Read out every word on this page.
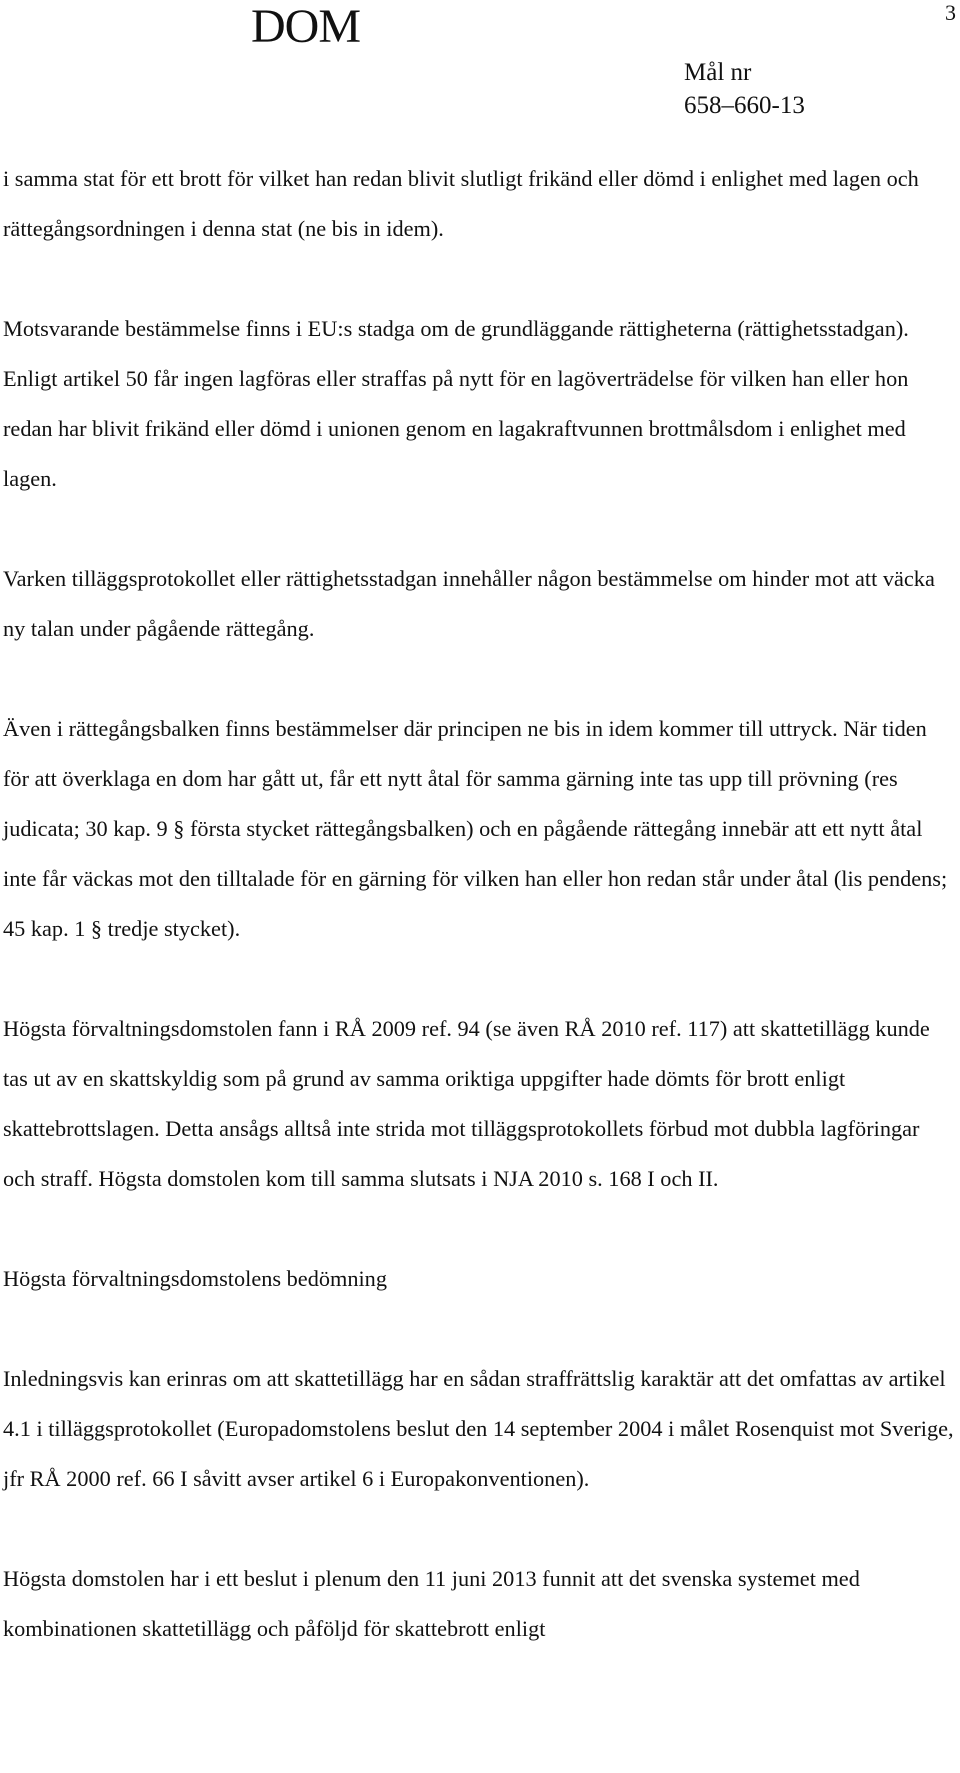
DOM	3
Mål nr
658–660-13

i samma stat för ett brott för vilket han redan blivit slutligt frikänd eller dömd i enlighet med lagen och rättegångsordningen i denna stat (ne bis in idem).

Motsvarande bestämmelse finns i EU:s stadga om de grundläggande rättigheterna (rättighetsstadgan). Enligt artikel 50 får ingen lagföras eller straffas på nytt för en lagöverträdelse för vilken han eller hon redan har blivit frikänd eller dömd i unionen genom en lagakraftvunnen brottmålsdom i enlighet med lagen.

Varken tilläggsprotokollet eller rättighetsstadgan innehåller någon bestämmelse om hinder mot att väcka ny talan under pågående rättegång.

Även i rättegångsbalken finns bestämmelser där principen ne bis in idem kommer till uttryck. När tiden för att överklaga en dom har gått ut, får ett nytt åtal för samma gärning inte tas upp till prövning (res judicata; 30 kap. 9 § första stycket rättegångsbalken) och en pågående rättegång innebär att ett nytt åtal inte får väckas mot den tilltalade för en gärning för vilken han eller hon redan står under åtal (lis pendens; 45 kap. 1 § tredje stycket).

Högsta förvaltningsdomstolen fann i RÅ 2009 ref. 94 (se även RÅ 2010 ref. 117) att skattetillägg kunde tas ut av en skattskyldig som på grund av samma oriktiga uppgifter hade dömts för brott enligt skattebrottslagen. Detta ansågs alltså inte strida mot tilläggsprotokollets förbud mot dubbla lagföringar och straff. Högsta domstolen kom till samma slutsats i NJA 2010 s. 168 I och II.

Högsta förvaltningsdomstolens bedömning

Inledningsvis kan erinras om att skattetillägg har en sådan straffrättslig karaktär att det omfattas av artikel 4.1 i tilläggsprotokollet (Europadomstolens beslut den 14 september 2004 i målet Rosenquist mot Sverige, jfr RÅ 2000 ref. 66 I såvitt avser artikel 6 i Europakonventionen).

Högsta domstolen har i ett beslut i plenum den 11 juni 2013 funnit att det svenska systemet med kombinationen skattetillägg och påföljd för skattebrott enligt
